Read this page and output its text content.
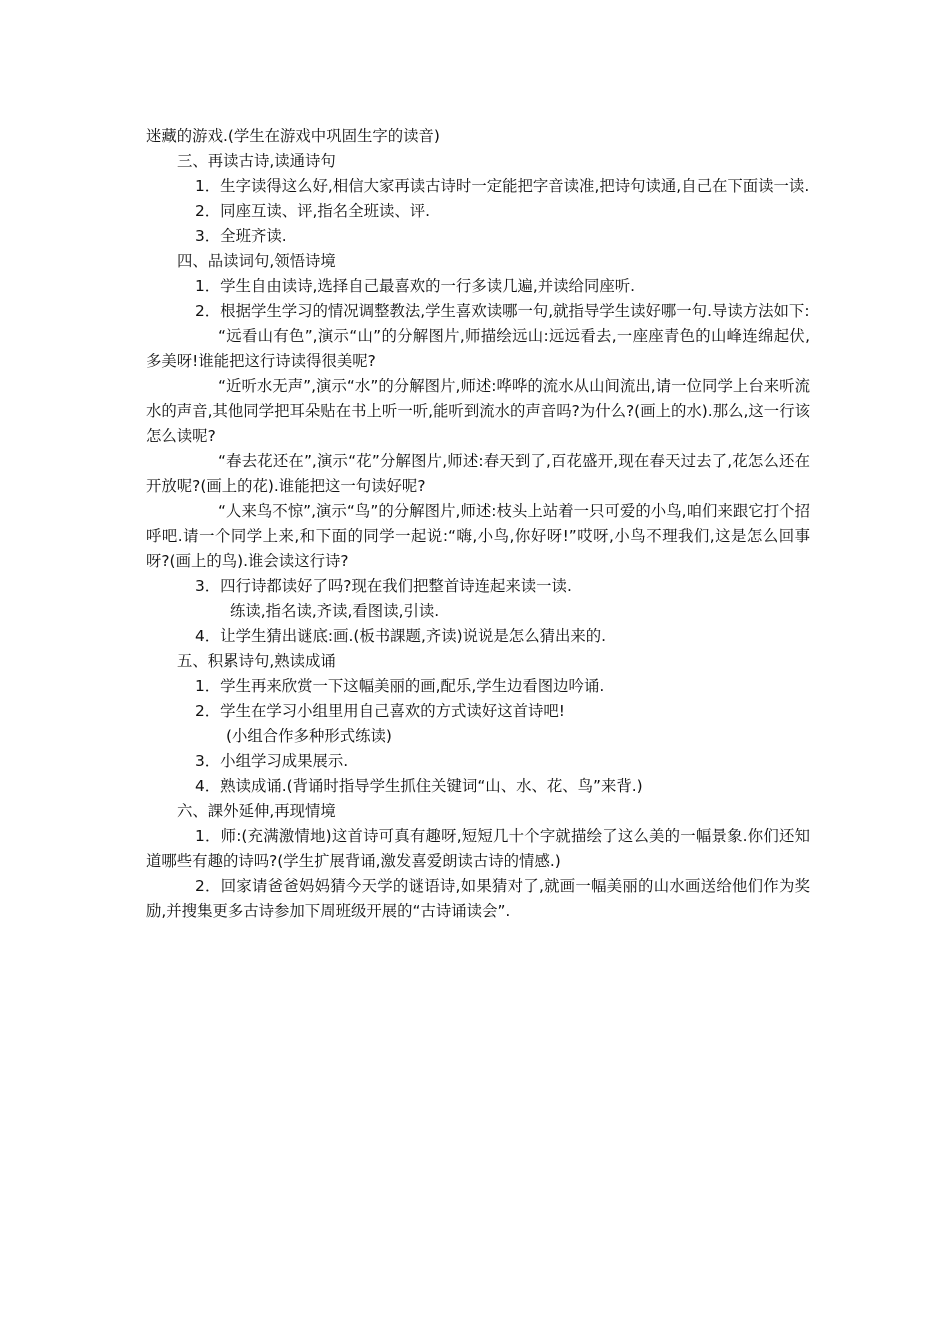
迷藏的游戏.(学生在游戏中巩固生字的读音)

三、再读古诗,读通诗句

1．生字读得这么好,相信大家再读古诗时一定能把字音读准,把诗句读通,自己在下面读一读.

2．同座互读、评,指名全班读、评.

3．全班齐读.

四、品读词句,领悟诗境

1．学生自由读诗,选择自己最喜欢的一行多读几遍,并读给同座听.

2．根据学生学习的情况调整教法,学生喜欢读哪一句,就指导学生读好哪一句.导读方法如下:

“远看山有色”,演示“山”的分解图片,师描绘远山:远远看去,一座座青色的山峰连绵起伏,多美呀!谁能把这行诗读得很美呢?

“近听水无声”,演示“水”的分解图片,师述:哗哗的流水从山间流出,请一位同学上台来听流水的声音,其他同学把耳朵贴在书上听一听,能听到流水的声音吗?为什么?(画上的水).那么,这一行该怎么读呢?

“春去花还在”,演示“花”分解图片,师述:春天到了,百花盛开,现在春天过去了,花怎么还在开放呢?(画上的花).谁能把这一句读好呢?

“人来鸟不惊”,演示“鸟”的分解图片,师述:枝头上站着一只可爱的小鸟,咱们来跟它打个招呼吧.请一个同学上来,和下面的同学一起说:“嗨,小鸟,你好呀!”哎呀,小鸟不理我们,这是怎么回事呀?(画上的鸟).谁会读这行诗?

3．四行诗都读好了吗?现在我们把整首诗连起来读一读.

练读,指名读,齐读,看图读,引读.

4．让学生猜出谜底:画.(板书課题,齐读)说说是怎么猜出来的.

五、积累诗句,熟读成诵

1．学生再来欣赏一下这幅美丽的画,配乐,学生边看图边吟诵.

2．学生在学习小组里用自己喜欢的方式读好这首诗吧!

(小组合作多种形式练读)

3．小组学习成果展示.

4．熟读成诵.(背诵时指导学生抓住关键词“山、水、花、鸟”来背.)

六、課外延伸,再现情境

1．师:(充满激情地)这首诗可真有趣呀,短短几十个字就描绘了这么美的一幅景象.你们还知道哪些有趣的诗吗?(学生扩展背诵,激发喜爱朗读古诗的情感.)

2．回家请爸爸妈妈猜今天学的谜语诗,如果猜对了,就画一幅美丽的山水画送给他们作为奖励,并搜集更多古诗参加下周班级开展的“古诗诵读会”.
